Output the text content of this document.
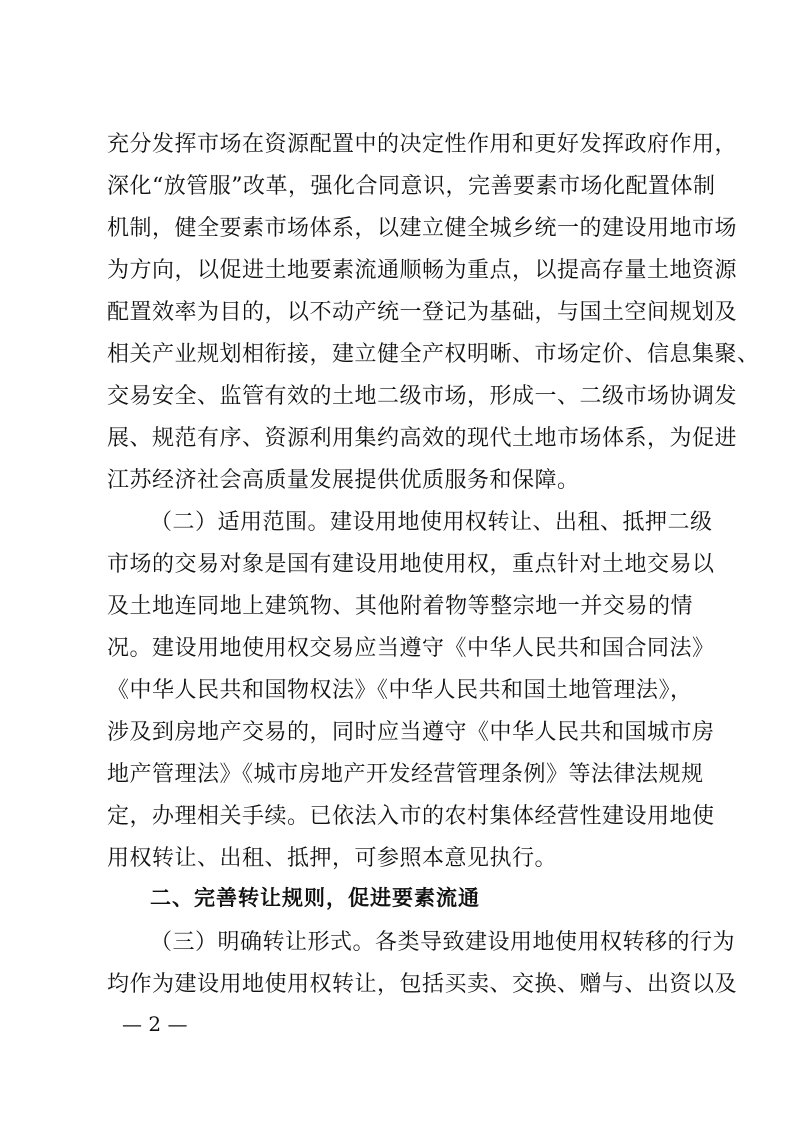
充分发挥市场在资源配置中的决定性作用和更好发挥政府作用，
深化“放管服”改革，强化合同意识，完善要素市场化配置体制
机制，健全要素市场体系，以建立健全城乡统一的建设用地市场
为方向，以促进土地要素流通顺畅为重点，以提高存量土地资源
配置效率为目的，以不动产统一登记为基础，与国土空间规划及
相关产业规划相衔接，建立健全产权明晰、市场定价、信息集聚、
交易安全、监管有效的土地二级市场，形成一、二级市场协调发
展、规范有序、资源利用集约高效的现代土地市场体系，为促进
江苏经济社会高质量发展提供优质服务和保障。
（二）适用范围。建设用地使用权转让、出租、抵押二级
市场的交易对象是国有建设用地使用权，重点针对土地交易以
及土地连同地上建筑物、其他附着物等整宗地一并交易的情
况。建设用地使用权交易应当遵守《中华人民共和国合同法》
《中华人民共和国物权法》《中华人民共和国土地管理法》，
涉及到房地产交易的，同时应当遵守《中华人民共和国城市房
地产管理法》《城市房地产开发经营管理条例》等法律法规规
定，办理相关手续。已依法入市的农村集体经营性建设用地使
用权转让、出租、抵押，可参照本意见执行。
二、完善转让规则，促进要素流通
（三）明确转让形式。各类导致建设用地使用权转移的行为
均作为建设用地使用权转让，包括买卖、交换、赠与、出资以及
— 2 —
